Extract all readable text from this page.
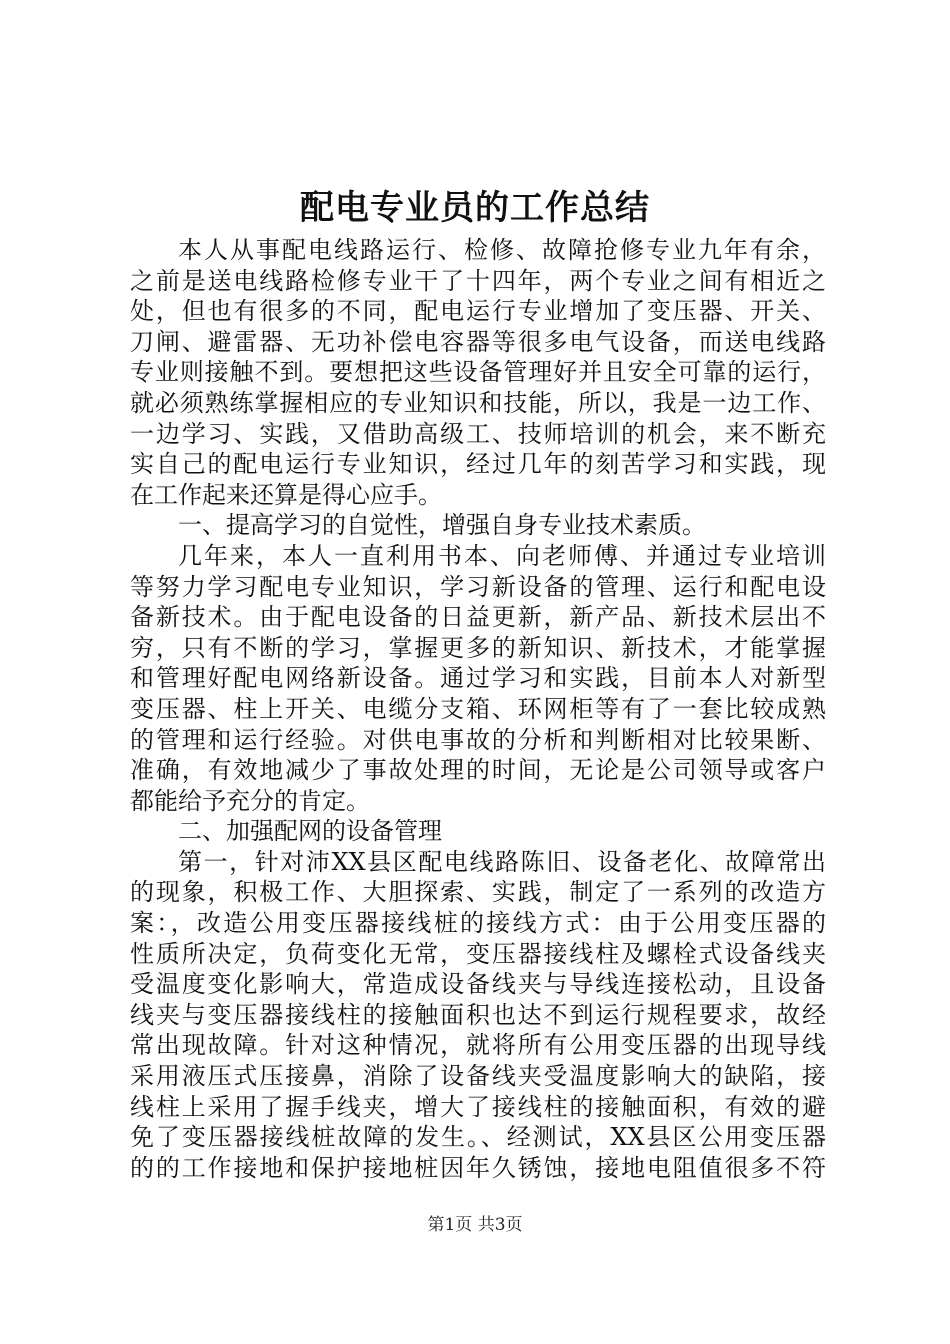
配电专业员的工作总结
本人从事配电线路运行、检修、故障抢修专业九年有余，
之前是送电线路检修专业干了十四年，两个专业之间有相近之
处，但也有很多的不同，配电运行专业增加了变压器、开关、
刀闸、避雷器、无功补偿电容器等很多电气设备，而送电线路
专业则接触不到。要想把这些设备管理好并且安全可靠的运行，
就必须熟练掌握相应的专业知识和技能，所以，我是一边工作、
一边学习、实践，又借助高级工、技师培训的机会，来不断充
实自己的配电运行专业知识，经过几年的刻苦学习和实践，现
在工作起来还算是得心应手。
一、提高学习的自觉性，增强自身专业技术素质。
几年来，本人一直利用书本、向老师傅、并通过专业培训
等努力学习配电专业知识，学习新设备的管理、运行和配电设
备新技术。由于配电设备的日益更新，新产品、新技术层出不
穷，只有不断的学习，掌握更多的新知识、新技术，才能掌握
和管理好配电网络新设备。通过学习和实践，目前本人对新型
变压器、柱上开关、电缆分支箱、环网柜等有了一套比较成熟
的管理和运行经验。对供电事故的分析和判断相对比较果断、
准确，有效地减少了事故处理的时间，无论是公司领导或客户
都能给予充分的肯定。
二、加强配网的设备管理
第一，针对沛XX县区配电线路陈旧、设备老化、故障常出
的现象，积极工作、大胆探索、实践，制定了一系列的改造方
案：，改造公用变压器接线桩的接线方式：由于公用变压器的
性质所决定，负荷变化无常，变压器接线柱及螺栓式设备线夹
受温度变化影响大，常造成设备线夹与导线连接松动，且设备
线夹与变压器接线柱的接触面积也达不到运行规程要求，故经
常出现故障。针对这种情况，就将所有公用变压器的出现导线
采用液压式压接鼻，消除了设备线夹受温度影响大的缺陷，接
线柱上采用了握手线夹，增大了接线柱的接触面积，有效的避
免了变压器接线桩故障的发生。、经测试，XX县区公用变压器
的的工作接地和保护接地桩因年久锈蚀，接地电阻值很多不符
第1页 共3页
